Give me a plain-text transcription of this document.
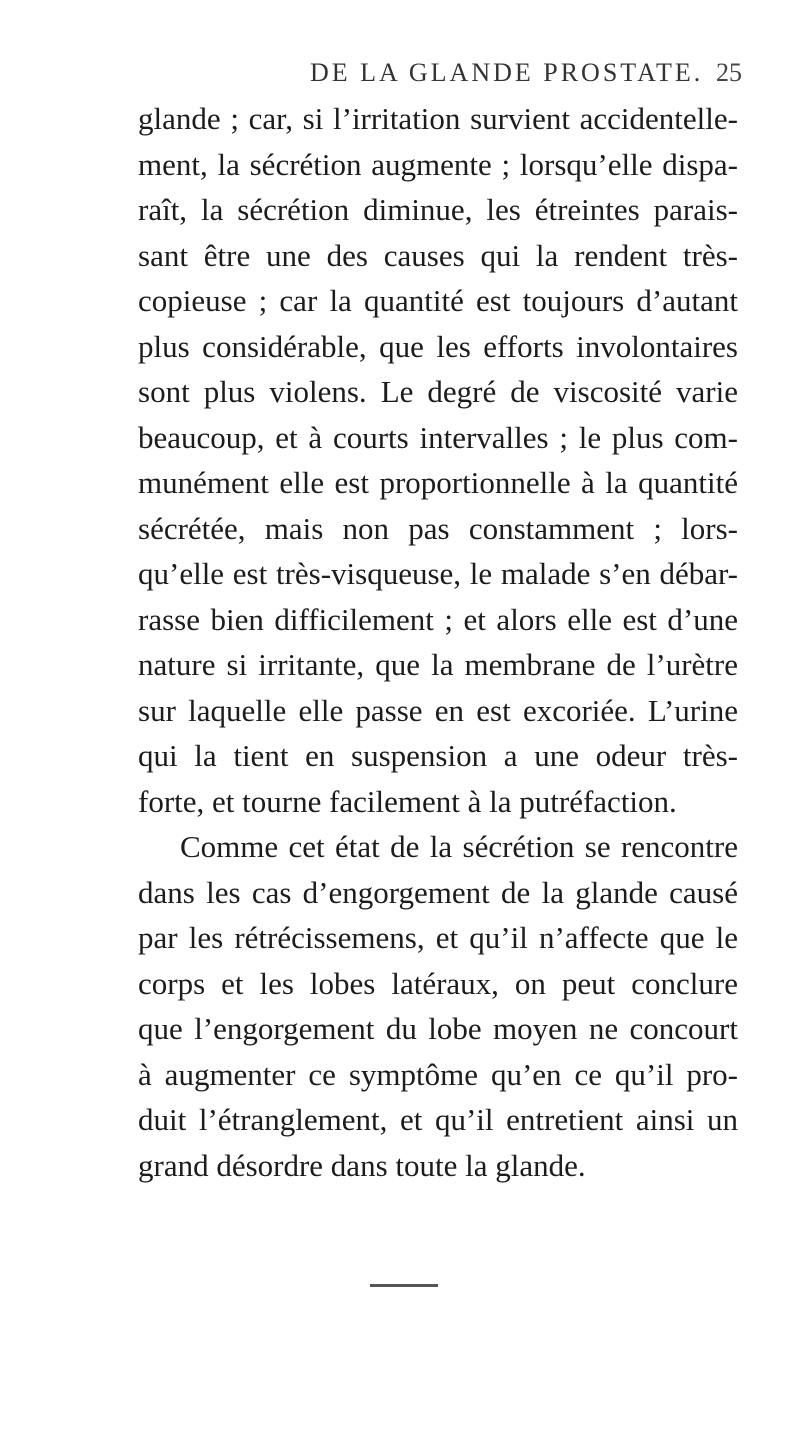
DE LA GLANDE PROSTATE. 25
glande ; car, si l’irritation survient accidentelle-
ment, la sécrétion augmente ; lorsqu’elle dispa-
raît, la sécrétion diminue, les étreintes parais-
sant être une des causes qui la rendent très-
copieuse ; car la quantité est toujours d’autant
plus considérable, que les efforts involontaires
sont plus violens. Le degré de viscosité varie
beaucoup, et à courts intervalles ; le plus com-
munément elle est proportionnelle à la quantité
sécrétée, mais non pas constamment ; lors-
qu’elle est très-visqueuse, le malade s’en débar-
rasse bien difficilement ; et alors elle est d’une
nature si irritante, que la membrane de l’urètre
sur laquelle elle passe en est excoriée. L’urine
qui la tient en suspension a une odeur très-
forte, et tourne facilement à la putréfaction.
Comme cet état de la sécrétion se rencontre
dans les cas d’engorgement de la glande causé
par les rétrécissemens, et qu’il n’affecte que le
corps et les lobes latéraux, on peut conclure
que l’engorgement du lobe moyen ne concourt
à augmenter ce symptôme qu’en ce qu’il pro-
duit l’étranglement, et qu’il entretient ainsi un
grand désordre dans toute la glande.
